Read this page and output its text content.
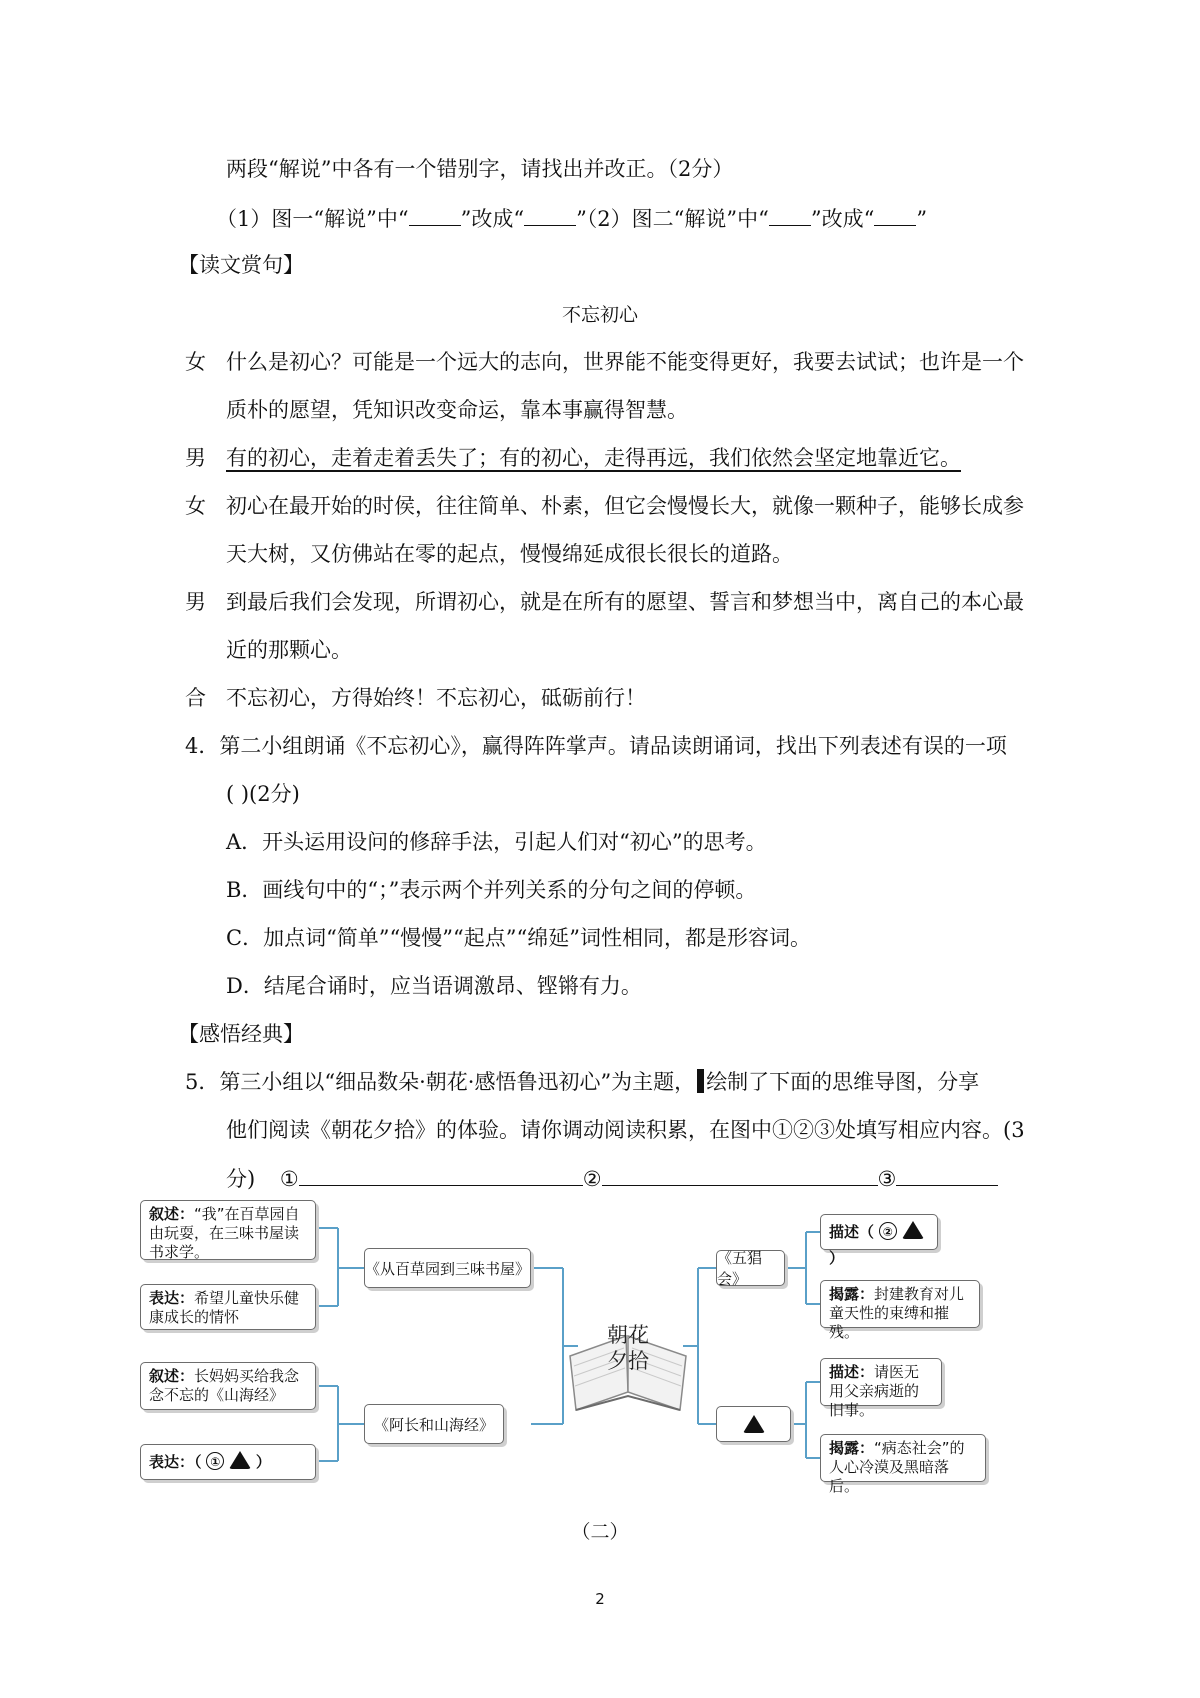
两段“解说”中各有一个错别字，请找出并改正。（2分）
（1）图一“解说”中“ ”改成“ ”（2）图二“解说”中“ ”改成“ ”
【读文赏句】
不忘初心
女 什么是初心？可能是一个远大的志向，世界能不能变得更好，我要去试试；也许是一个
质朴的愿望，凭知识改变命运，靠本事赢得智慧。
男 有的初心，走着走着丢失了；有的初心，走得再远，我们依然会坚定地靠近它。
女 初心在最开始的时侯，往往简单、朴素，但它会慢慢长大，就像一颗种子，能够长成参
天大树，又仿佛站在零的起点，慢慢绵延成很长很长的道路。
男 到最后我们会发现，所谓初心，就是在所有的愿望、誓言和梦想当中，离自己的本心最
近的那颗心。
合 不忘初心，方得始终！不忘初心，砥砺前行！
4．第二小组朗诵《不忘初心》，赢得阵阵掌声。请品读朗诵词，找出下列表述有误的一项
( )(2分)
A．开头运用设问的修辞手法，引起人们对“初心”的思考。
B．画线句中的“；”表示两个并列关系的分句之间的停顿。
C．加点词“简单”“慢慢”“起点”“绵延”词性相同，都是形容词。
D．结尾合诵时，应当语调激昂、铿锵有力。
【感悟经典】
5．第三小组以“细品数朵·朝花·感悟鲁迅初心”为主题， 绘制了下面的思维导图，分享
他们阅读《朝花夕拾》的体验。请你调动阅读积累，在图中①②③处填写相应内容。(3
分) ①	②	③
朝花
夕拾
叙述：“我”在百草园自由玩耍，在三味书屋读书求学。
表达：希望儿童快乐健康成长的情怀
叙述：长妈妈买给我念念不忘的《山海经》
表达：（ ① ）
《从百草园到三味书屋》
《阿长和山海经》
《五猖会》
描述（ ②  ）
揭露：封建教育对儿童天性的束缚和摧残。
描述：请医无用父亲病逝的旧事。
揭露：“病态社会”的人心冷漠及黑暗落后。
（二）
2
